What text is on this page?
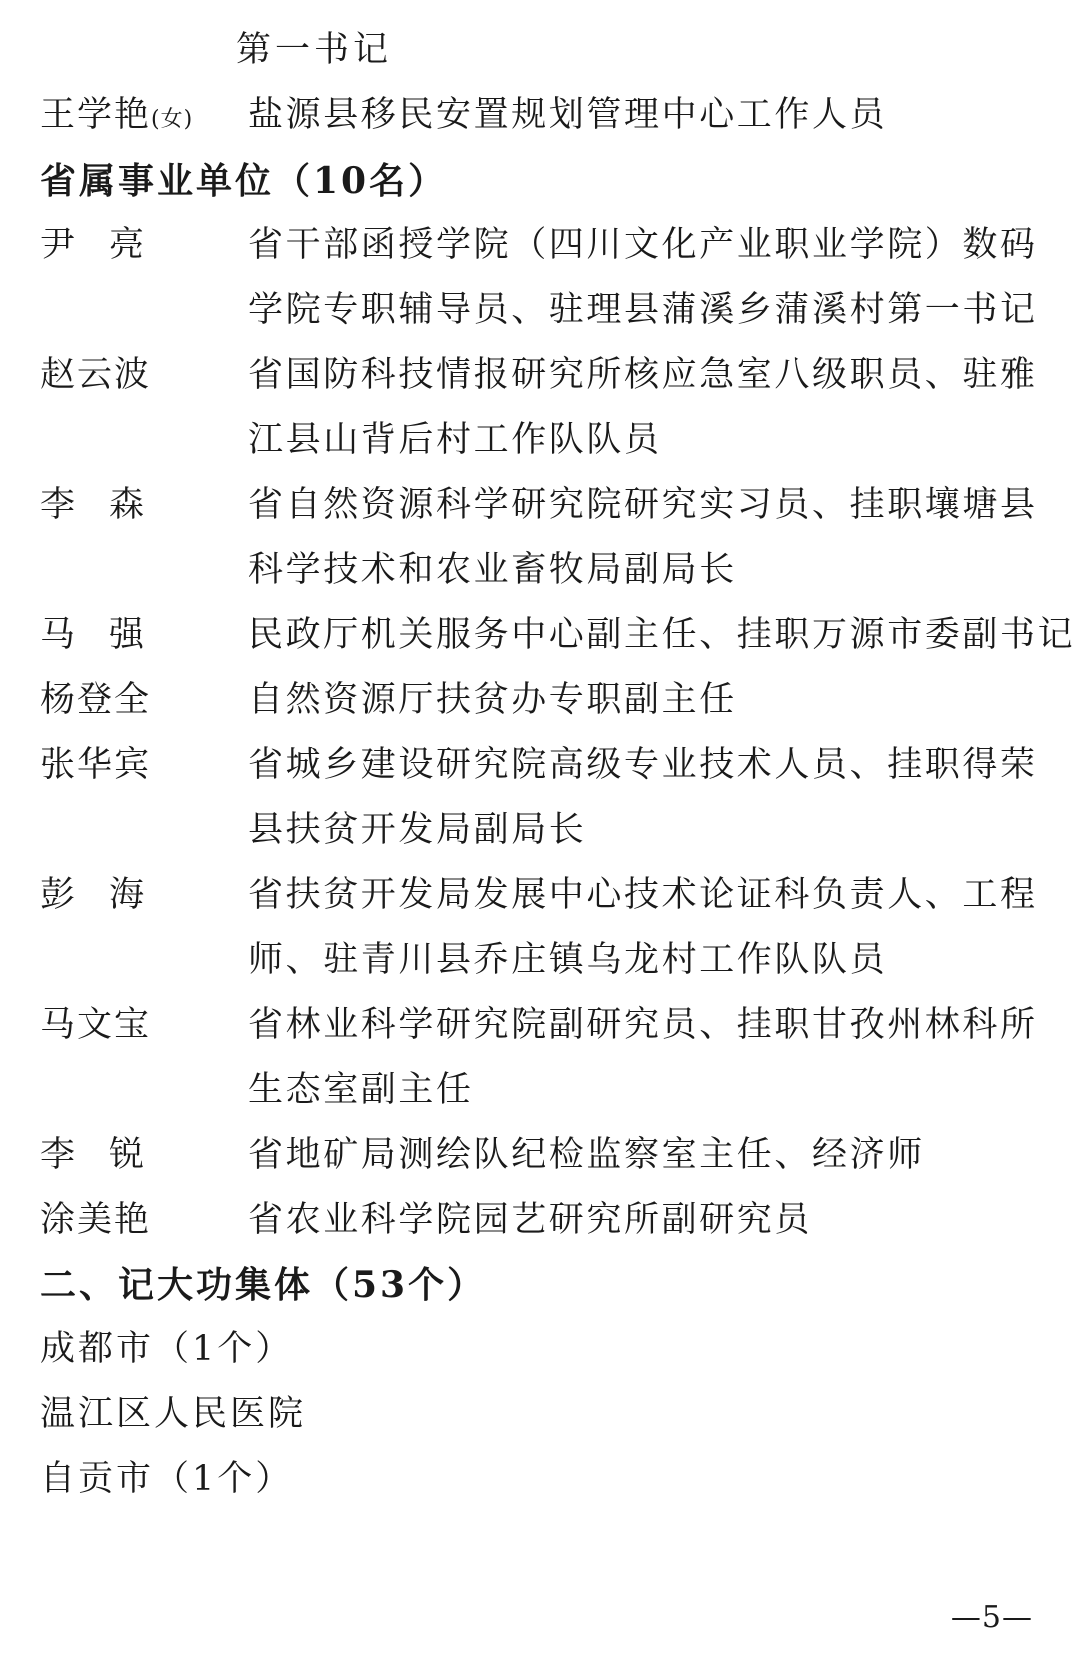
第一书记
王学艳(女) 盐源县移民安置规划管理中心工作人员
省属事业单位（10名）
尹亮 省干部函授学院（四川文化产业职业学院）数码
学院专职辅导员、驻理县蒲溪乡蒲溪村第一书记
赵云波	省国防科技情报研究所核应急室八级职员、驻雅
江县山背后村工作队队员
李森 省自然资源科学研究院研究实习员、挂职壤塘县
科学技术和农业畜牧局副局长
马强 民政厅机关服务中心副主任、挂职万源市委副书记
杨登全	自然资源厅扶贫办专职副主任
张华宾	省城乡建设研究院高级专业技术人员、挂职得荣
县扶贫开发局副局长
彭海 省扶贫开发局发展中心技术论证科负责人、工程
师、驻青川县乔庄镇乌龙村工作队队员
马文宝	省林业科学研究院副研究员、挂职甘孜州林科所
生态室副主任
李锐 省地矿局测绘队纪检监察室主任、经济师
涂美艳	省农业科学院园艺研究所副研究员
二、记大功集体（53个）
成都市（1个）
温江区人民医院
自贡市（1个）
—5—
